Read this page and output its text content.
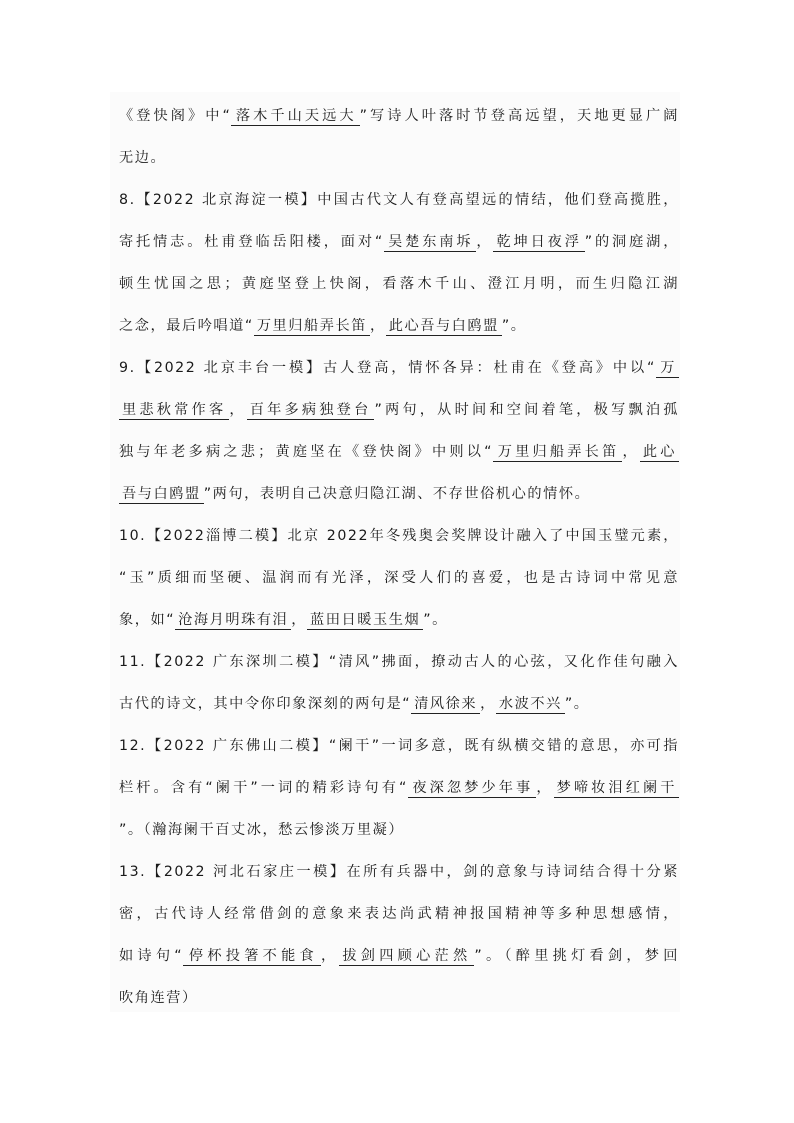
《登快阁》中“ 落木千山天远大 ”写诗人叶落时节登高远望，天地更显广阔
无边。
8.【2022 北京海淀一模】中国古代文人有登高望远的情结，他们登高揽胜，
寄托情志。杜甫登临岳阳楼，面对“ 吴楚东南坼 ， 乾坤日夜浮 ”的洞庭湖，
顿生忧国之思；黄庭坚登上快阁，看落木千山、澄江月明，而生归隐江湖
之念，最后吟唱道“ 万里归船弄长笛 ， 此心吾与白鸥盟 ”。
9.【2022 北京丰台一模】古人登高，情怀各异：杜甫在《登高》中以“ 万
里悲秋常作客 ， 百年多病独登台 ”两句，从时间和空间着笔，极写飘泊孤
独与年老多病之悲；黄庭坚在《登快阁》中则以“ 万里归船弄长笛 ， 此心
吾与白鸥盟 ”两句，表明自己决意归隐江湖、不存世俗机心的情怀。
10.【2022淄博二模】北京 2022年冬残奥会奖牌设计融入了中国玉璧元素，
“玉”质细而坚硬、温润而有光泽，深受人们的喜爱，也是古诗词中常见意
象，如“ 沧海月明珠有泪 ， 蓝田日暖玉生烟 ”。
11.【2022 广东深圳二模】“清风”拂面，撩动古人的心弦，又化作佳句融入
古代的诗文，其中令你印象深刻的两句是“ 清风徐来 ， 水波不兴 ”。
12.【2022 广东佛山二模】“阑干”一词多意，既有纵横交错的意思，亦可指
栏杆。含有“阑干”一词的精彩诗句有“ 夜深忽梦少年事 ， 梦啼妆泪红阑干
”。（瀚海阑干百丈冰，愁云惨淡万里凝）
13.【2022 河北石家庄一模】在所有兵器中，剑的意象与诗词结合得十分紧
密，古代诗人经常借剑的意象来表达尚武精神报国精神等多种思想感情，
如诗句“ 停杯投箸不能食 ， 拔剑四顾心茫然 ”。（醉里挑灯看剑，梦回
吹角连营）
